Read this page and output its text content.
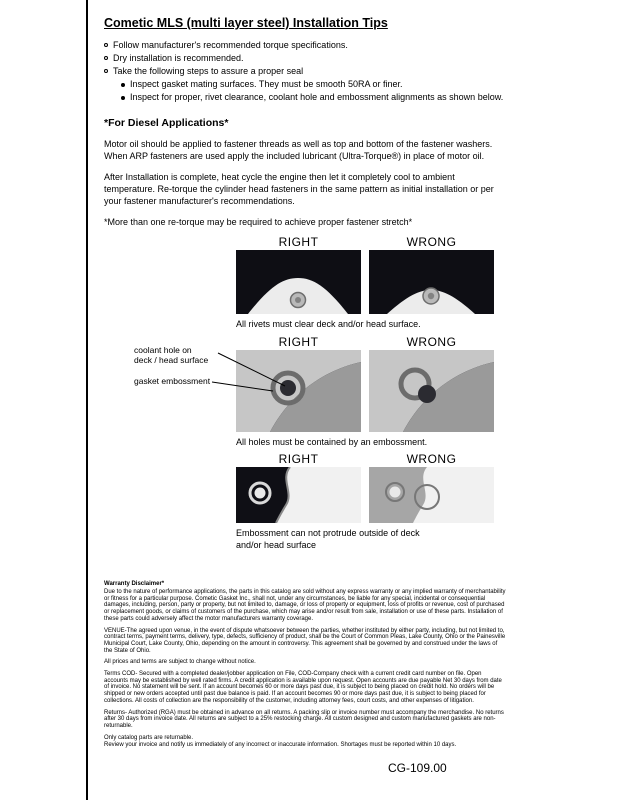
Cometic MLS (multi layer steel) Installation Tips
Follow manufacturer's recommended torque specifications.
Dry installation is recommended.
Take the following steps to assure a proper seal
Inspect gasket mating surfaces. They must be smooth 50RA or finer.
Inspect for proper, rivet clearance, coolant hole and embossment alignments as shown below.
*For Diesel Applications*

Motor oil should be applied to fastener threads as well as top and bottom of the fastener washers. When ARP fasteners are used apply the included lubricant (Ultra-Torque®) in place of motor oil.

After Installation is complete, heat cycle the engine then let it completely cool to ambient temperature. Re-torque the cylinder head fasteners in the same pattern as initial installation or per your fastener manufacturer's recommendations.

*More than one re-torque may be required to achieve proper fastener stretch*

RIGHT	WRONG

All rivets must clear deck and/or head surface.

RIGHT	WRONG
coolant hole on
deck / head surface
gasket embossment

All holes must be contained by an embossment.

RIGHT	WRONG
Embossment can not protrude outside of deck
and/or head surface

Warranty Disclaimer*

Due to the nature of performance applications, the parts in this catalog are sold without any express warranty or any implied warranty of merchantability or fitness for a particular purpose. Cometic Gasket Inc., shall not, under any circumstances, be liable for any special, incidental or consequential damages, including, person, party or property, but not limited to, damage, or loss of property or equipment, loss of profits or revenue, cost of purchased or replacement goods, or claims of customers of the purchase, which may arise and/or result from sale, installation or use of these parts. Installation of these parts could adversely affect the motor manufacturers warranty coverage.

VENUE-The agreed upon venue, in the event of dispute whatsoever between the parties, whether instituted by either party, including, but not limited to, contract terms, payment terms, delivery, type, defects, sufficiency of product, shall be the Court of Common Pleas, Lake County, Ohio or the Painesville Municipal Court, Lake County, Ohio, depending on the amount in controversy. This agreement shall be governed by and construed under the laws of the State of Ohio.

All prices and terms are subject to change without notice.

Terms COD- Secured with a completed dealer/jobber application on File, COD-Company check with a current credit card number on file. Open accounts may be established by well rated firms. A credit application is available upon request. Open accounts are due payable Net 30 days from date of invoice. No statement will be sent. If an account becomes 60 or more days past due, it is subject to being placed on credit hold. No orders will be shipped or new orders accepted until past due balance is paid. If an account becomes 90 or more days past due, it is subject to being placed for collections. All costs of collection are the responsibility of the customer, including attorney fees, court costs, and other expenses of litigation.

Returns- Authorized (RGA) must be obtained in advance on all returns. A packing slip or invoice number must accompany the merchandise. No returns after 30 days from invoice date. All returns are subject to a 25% restocking charge. All custom designed and custom manufactured gaskets are non-returnable.

Only catalog parts are returnable.

Review your invoice and notify us immediately of any incorrect or inaccurate information. Shortages must be reported within 10 days.

CG-109.00
